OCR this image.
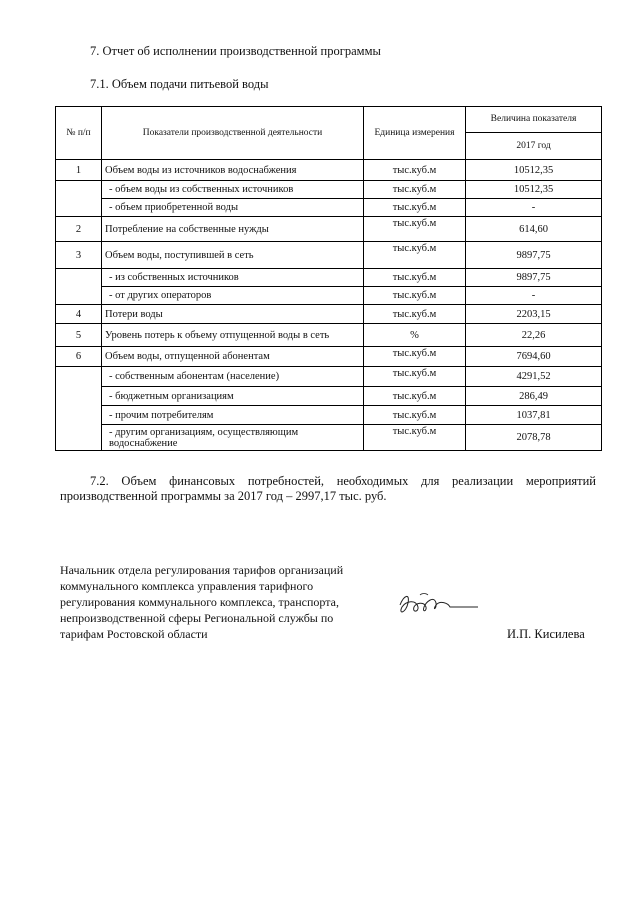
7. Отчет об исполнении производственной программы
7.1. Объем подачи питьевой воды
№ п/п	Показатели производственной деятельности	Единица измерения	Величина показателя
			2017 год
1	Объем воды из источников водоснабжения	тыс.куб.м	10512,35
	- объем воды из собственных источников	тыс.куб.м	10512,35
	- объем приобретенной воды	тыс.куб.м	-
2	Потребление на собственные нужды	тыс.куб.м	614,60
3	Объем воды, поступившей в сеть	тыс.куб.м	9897,75
	- из собственных источников	тыс.куб.м	9897,75
	- от других операторов	тыс.куб.м	-
4	Потери воды	тыс.куб.м	2203,15
5	Уровень потерь к объему отпущенной воды в сеть	%	22,26
6	Объем воды, отпущенной абонентам	тыс.куб.м	7694,60
	- собственным абонентам (население)	тыс.куб.м	4291,52
	- бюджетным организациям	тыс.куб.м	286,49
	- прочим потребителям	тыс.куб.м	1037,81
	- другим организациям, осуществляющим водоснабжение	тыс.куб.м	2078,78
7.2. Объем финансовых потребностей, необходимых для реализации мероприятий производственной программы за 2017 год – 2997,17 тыс. руб.
Начальник отдела регулирования тарифов организаций
коммунального комплекса управления тарифного
регулирования коммунального комплекса, транспорта,
непроизводственной сферы Региональной службы по
тарифам Ростовской области	И.П. Кисилева
